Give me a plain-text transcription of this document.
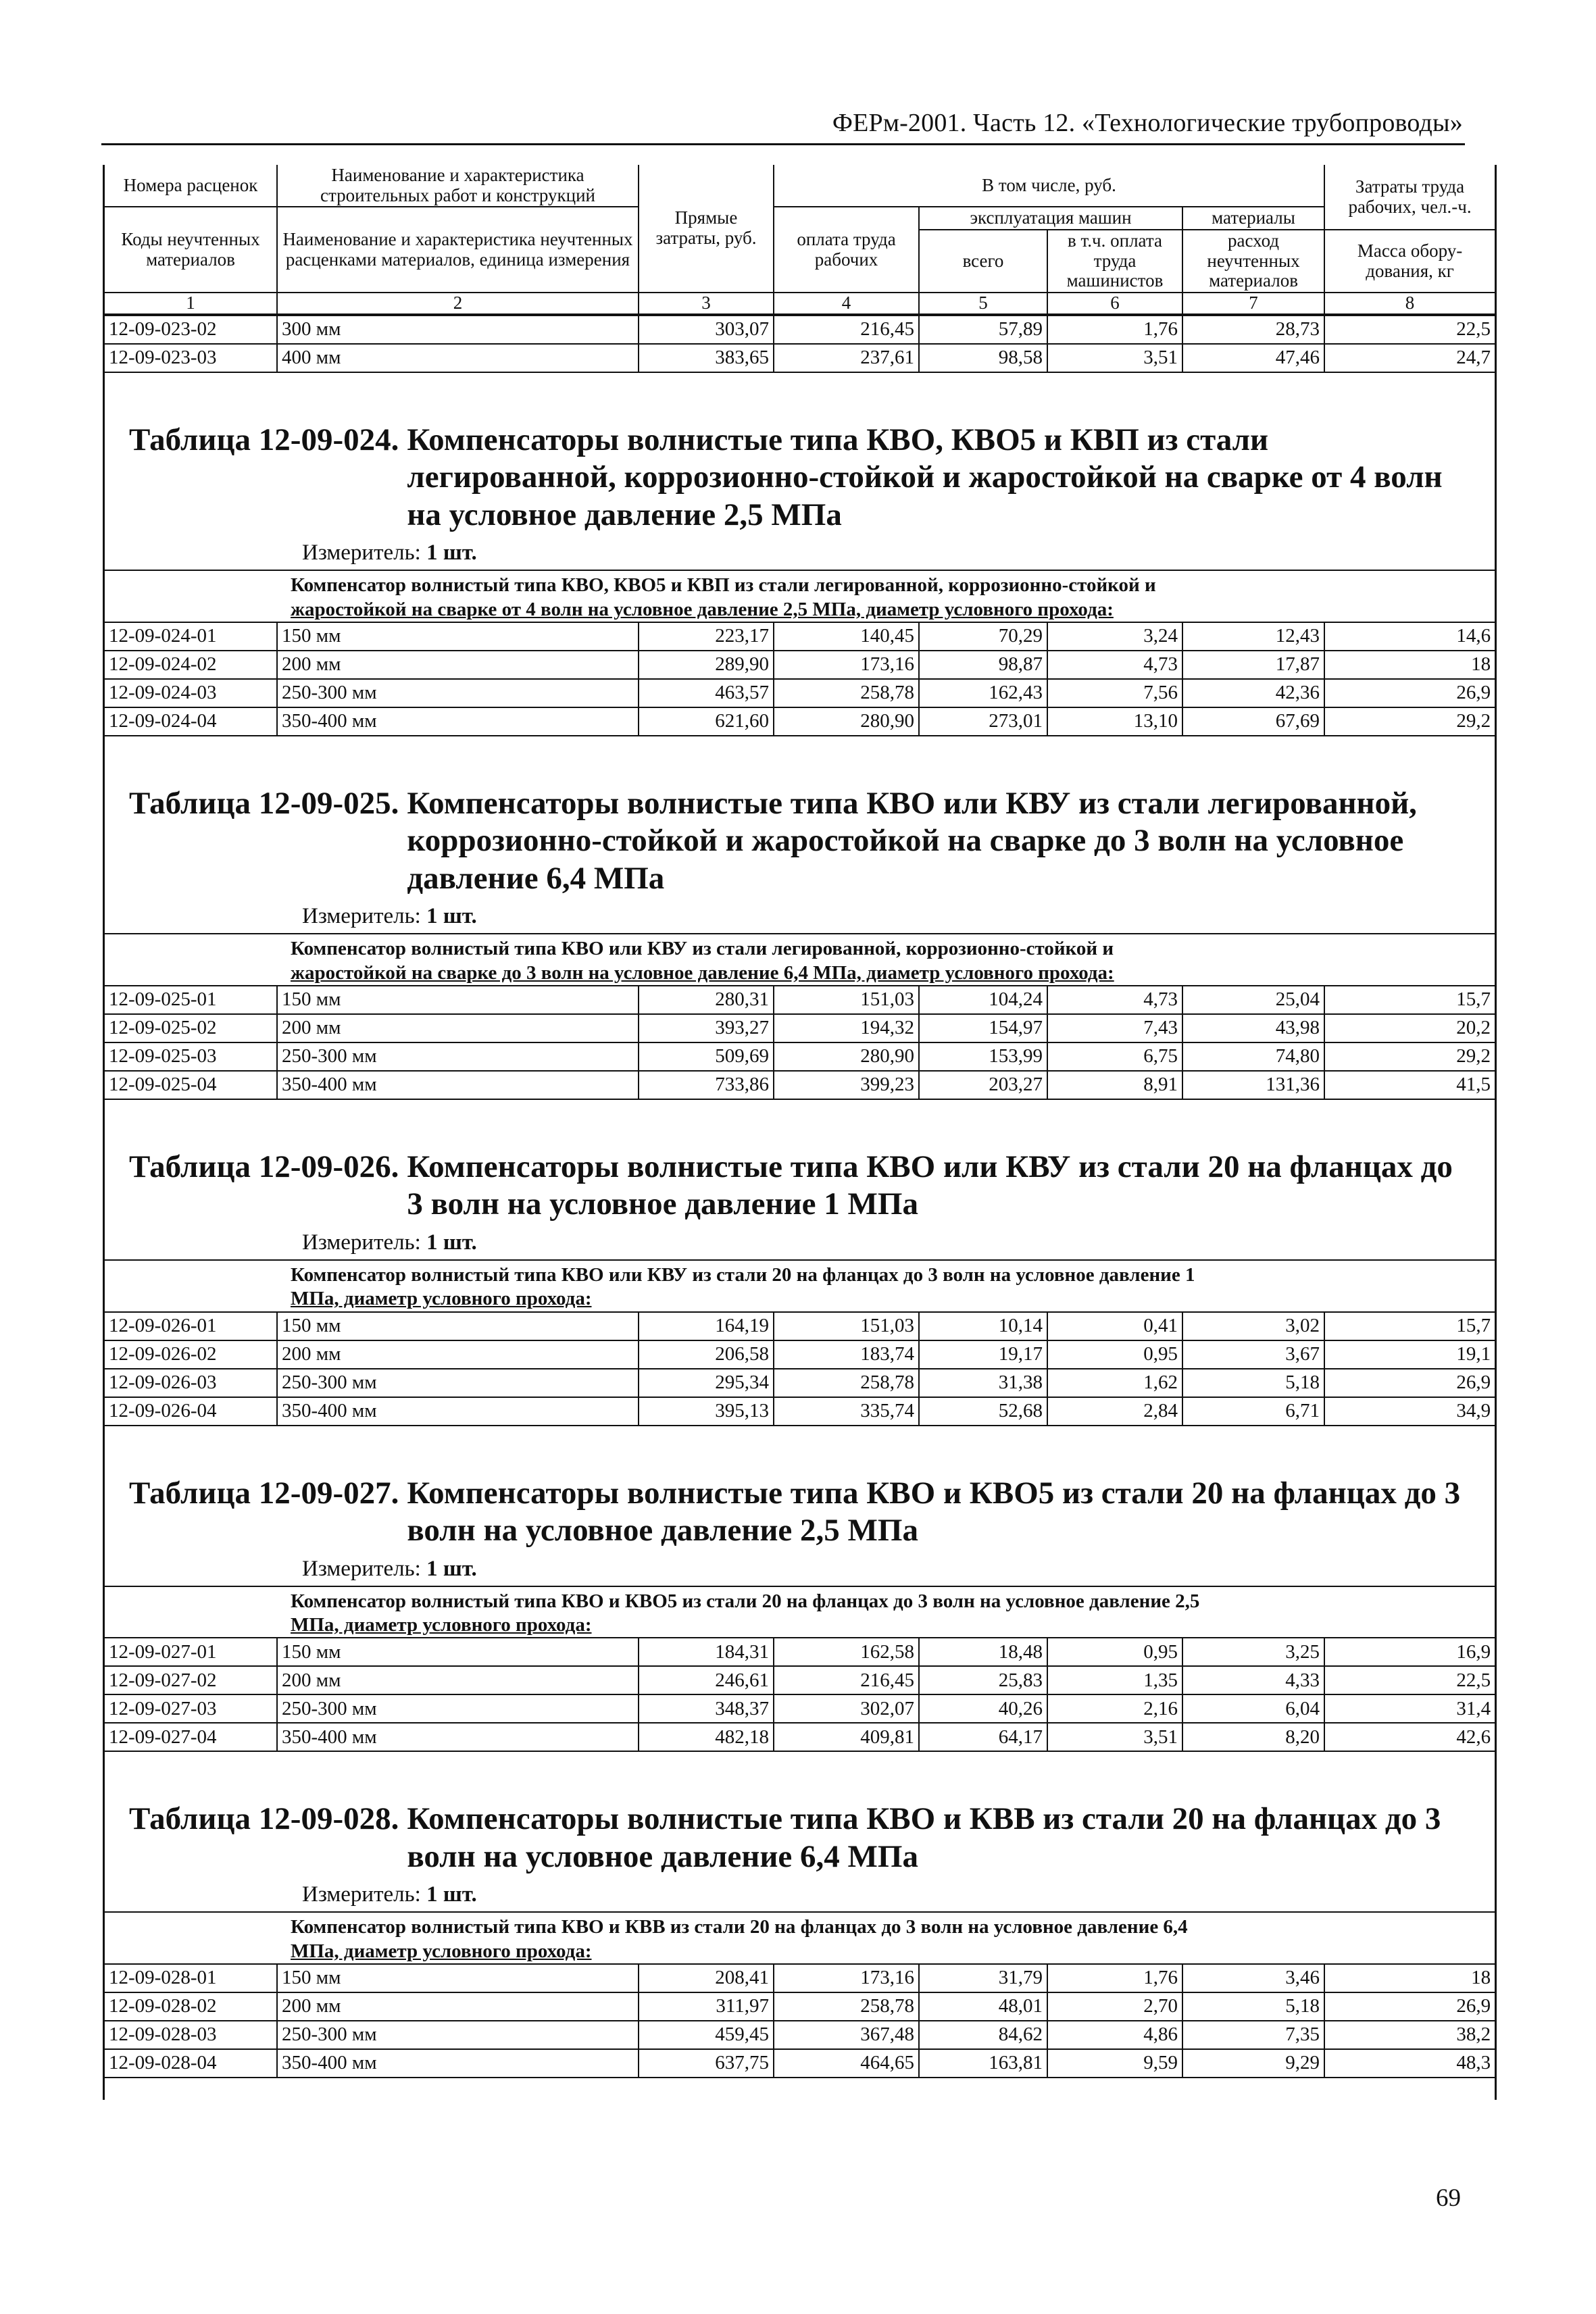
ФЕРм-2001. Часть 12. «Технологические трубопроводы»
Номера расценок	Наименование и характеристика строительных работ и конструкций	Прямые затраты, руб.	В том числе, руб.				Затраты труда рабочих, чел.-ч.
Коды неучтенных материалов	Наименование и характеристика неучтенных расценками материалов, единица измерения		оплата труда рабочих	эксплуатация машин		материалы	
				всего	в т.ч. оплата труда машинистов	расход неучтенных материалов	Масса обору-дования, кг

1	2	3	4	5	6	7	8
12-09-023-02	300 мм	303,07	216,45	57,89	1,76	28,73	22,5
12-09-023-03	400 мм	383,65	237,61	98,58	3,51	47,46	24,7
Таблица 12-09-024. Компенсаторы волнистые типа КВО, КВО5 и КВП из стали легированной, коррозионно-стойкой и жаростойкой на сварке от 4 волн на условное давление 2,5 МПа
Измеритель: 1 шт.

	Компенсатор волнистый типа КВО, КВО5 и КВП из стали легированной, коррозионно-стойкой и
жаростойкой на сварке от 4 волн на условное давление 2,5 МПа, диаметр условного прохода:						

12-09-024-01	150 мм	223,17	140,45	70,29	3,24	12,43	14,6
12-09-024-02	200 мм	289,90	173,16	98,87	4,73	17,87	18
12-09-024-03	250-300 мм	463,57	258,78	162,43	7,56	42,36	26,9
12-09-024-04	350-400 мм	621,60	280,90	273,01	13,10	67,69	29,2
Таблица 12-09-025. Компенсаторы волнистые типа КВО или КВУ из стали легированной, коррозионно-стойкой и жаростойкой на сварке до 3 волн на условное давление 6,4 МПа
Измеритель: 1 шт.

	Компенсатор волнистый типа КВО или КВУ из стали легированной, коррозионно-стойкой и
жаростойкой на сварке до 3 волн на условное давление 6,4 МПа, диаметр условного прохода:						

12-09-025-01	150 мм	280,31	151,03	104,24	4,73	25,04	15,7
12-09-025-02	200 мм	393,27	194,32	154,97	7,43	43,98	20,2
12-09-025-03	250-300 мм	509,69	280,90	153,99	6,75	74,80	29,2
12-09-025-04	350-400 мм	733,86	399,23	203,27	8,91	131,36	41,5
Таблица 12-09-026. Компенсаторы волнистые типа КВО или КВУ из стали 20 на фланцах до 3 волн на условное давление 1 МПа
Измеритель: 1 шт.

	Компенсатор волнистый типа КВО или КВУ из стали 20 на фланцах до 3 волн на условное давление 1
МПа, диаметр условного прохода:						

12-09-026-01	150 мм	164,19	151,03	10,14	0,41	3,02	15,7
12-09-026-02	200 мм	206,58	183,74	19,17	0,95	3,67	19,1
12-09-026-03	250-300 мм	295,34	258,78	31,38	1,62	5,18	26,9
12-09-026-04	350-400 мм	395,13	335,74	52,68	2,84	6,71	34,9
Таблица 12-09-027. Компенсаторы волнистые типа КВО и КВО5 из стали 20 на фланцах до 3 волн на условное давление 2,5 МПа
Измеритель: 1 шт.

	Компенсатор волнистый типа КВО и КВО5 из стали 20 на фланцах до 3 волн на условное давление 2,5
МПа, диаметр условного прохода:						

12-09-027-01	150 мм	184,31	162,58	18,48	0,95	3,25	16,9
12-09-027-02	200 мм	246,61	216,45	25,83	1,35	4,33	22,5
12-09-027-03	250-300 мм	348,37	302,07	40,26	2,16	6,04	31,4
12-09-027-04	350-400 мм	482,18	409,81	64,17	3,51	8,20	42,6
Таблица 12-09-028. Компенсаторы волнистые типа КВО и КВВ из стали 20 на фланцах до 3 волн на условное давление 6,4 МПа
Измеритель: 1 шт.

	Компенсатор волнистый типа КВО и КВВ из стали 20 на фланцах до 3 волн на условное давление 6,4
МПа, диаметр условного прохода:						

12-09-028-01	150 мм	208,41	173,16	31,79	1,76	3,46	18
12-09-028-02	200 мм	311,97	258,78	48,01	2,70	5,18	26,9
12-09-028-03	250-300 мм	459,45	367,48	84,62	4,86	7,35	38,2
12-09-028-04	350-400 мм	637,75	464,65	163,81	9,59	9,29	48,3
69
